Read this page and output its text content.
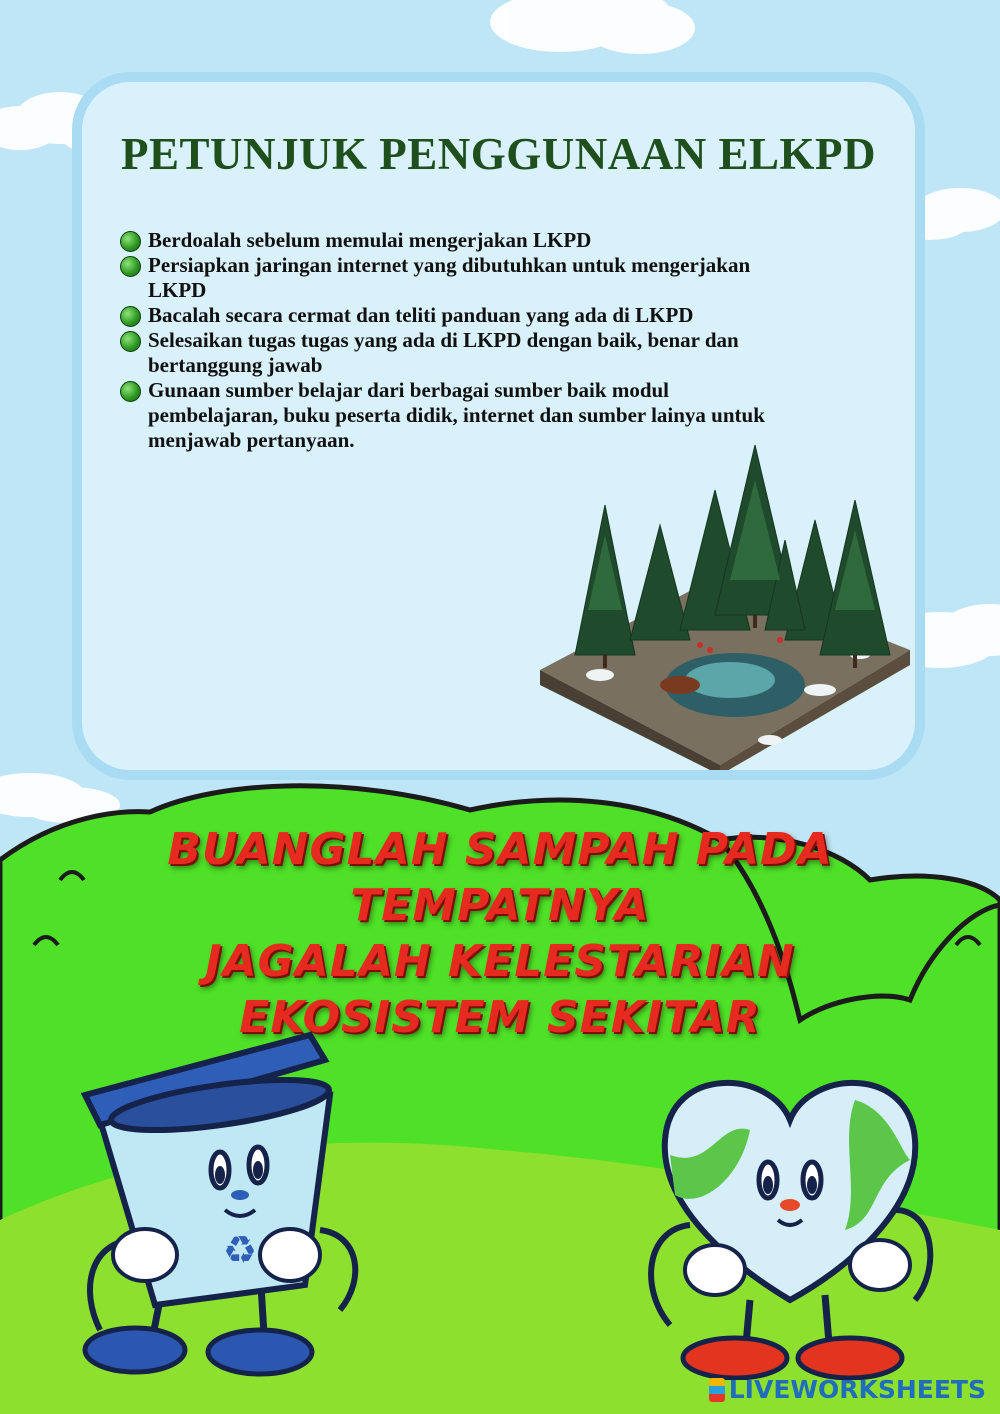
PETUNJUK PENGGUNAAN ELKPD
Berdoalah sebelum memulai mengerjakan LKPD
Persiapkan jaringan internet yang dibutuhkan untuk mengerjakan LKPD
Bacalah secara cermat dan teliti panduan yang ada di LKPD
Selesaikan tugas tugas yang ada di LKPD dengan baik, benar dan bertanggung jawab
Gunaan sumber belajar dari berbagai sumber baik modul pembelajaran, buku peserta didik, internet dan sumber lainya untuk menjawab pertanyaan.
BUANGLAH SAMPAH PADA TEMPATNYA
JAGALAH KELESTARIAN
EKOSISTEM SEKITAR
♻
LIVEWORKSHEETS
